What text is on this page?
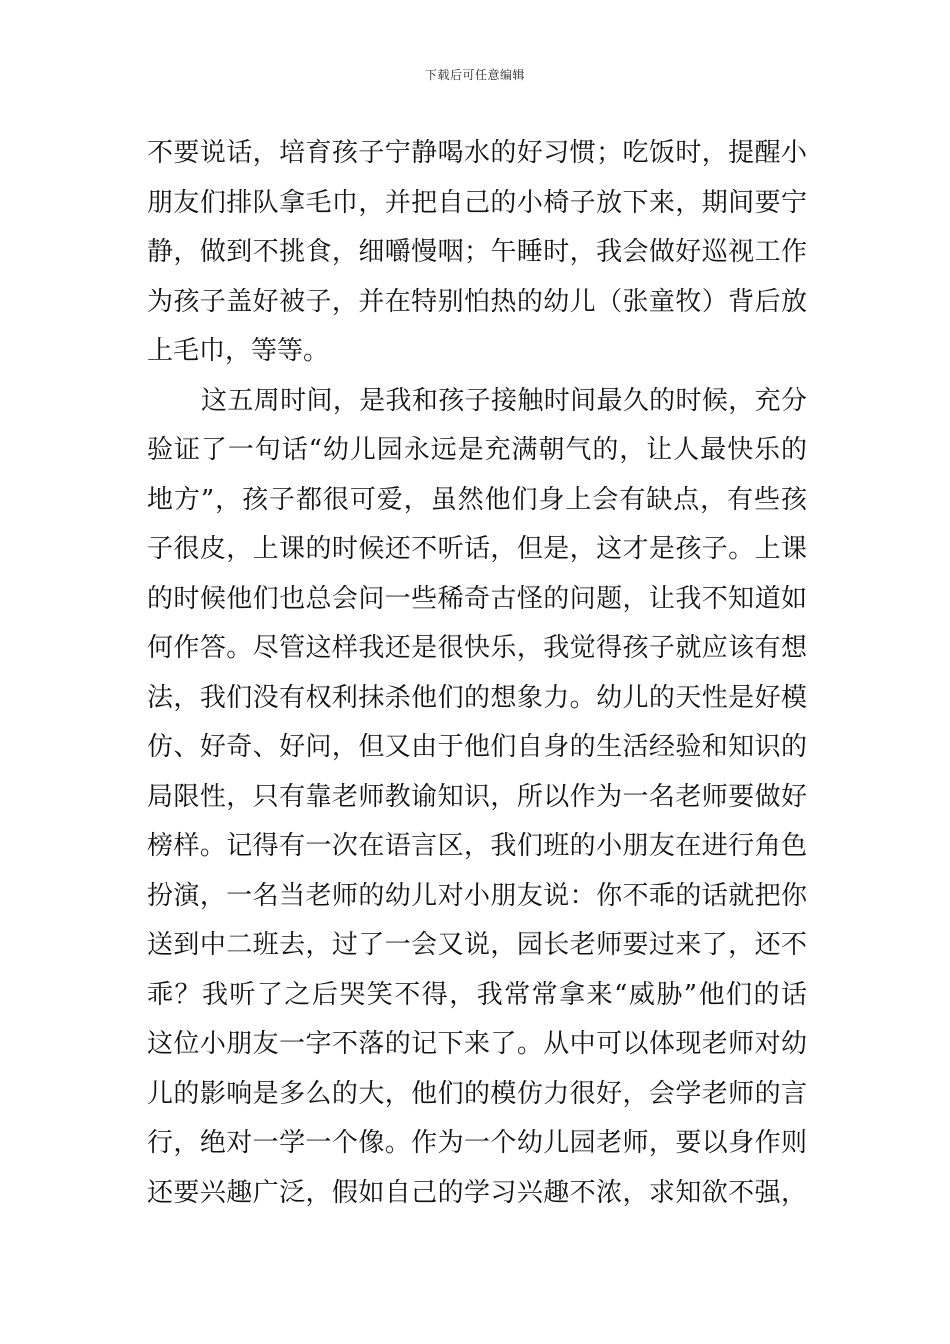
下载后可任意编辑
不要说话，培育孩子宁静喝水的好习惯；吃饭时，提醒小
朋友们排队拿毛巾，并把自己的小椅子放下来，期间要宁
静，做到不挑食，细嚼慢咽；午睡时，我会做好巡视工作
为孩子盖好被子，并在特别怕热的幼儿（张童牧）背后放
上毛巾，等等。
这五周时间，是我和孩子接触时间最久的时候，充分
验证了一句话“幼儿园永远是充满朝气的，让人最快乐的
地方”，孩子都很可爱，虽然他们身上会有缺点，有些孩
子很皮，上课的时候还不听话，但是，这才是孩子。上课
的时候他们也总会问一些稀奇古怪的问题，让我不知道如
何作答。尽管这样我还是很快乐，我觉得孩子就应该有想
法，我们没有权利抹杀他们的想象力。幼儿的天性是好模
仿、好奇、好问，但又由于他们自身的生活经验和知识的
局限性，只有靠老师教谕知识，所以作为一名老师要做好
榜样。记得有一次在语言区，我们班的小朋友在进行角色
扮演，一名当老师的幼儿对小朋友说：你不乖的话就把你
送到中二班去，过了一会又说，园长老师要过来了，还不
乖？我听了之后哭笑不得，我常常拿来“威胁”他们的话
这位小朋友一字不落的记下来了。从中可以体现老师对幼
儿的影响是多么的大，他们的模仿力很好，会学老师的言
行，绝对一学一个像。作为一个幼儿园老师，要以身作则
还要兴趣广泛，假如自己的学习兴趣不浓，求知欲不强，
